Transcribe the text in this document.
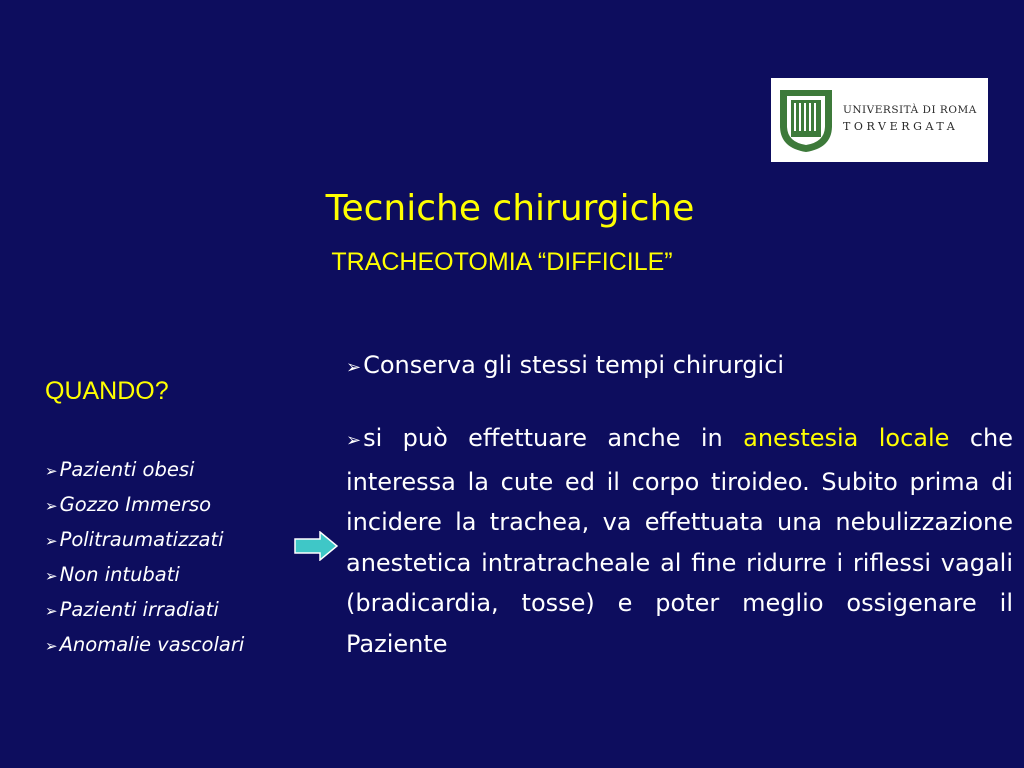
UNIVERSITÀ DI ROMA
TORVERGATA
Tecniche chirurgiche
TRACHEOTOMIA “DIFFICILE”
QUANDO?
➢ Pazienti obesi
➢ Gozzo Immerso
➢ Politraumatizzati
➢ Non intubati
➢ Pazienti irradiati
➢ Anomalie vascolari

➢Conserva gli stessi tempi chirurgici

➢si può effettuare anche in anestesia locale che interessa la cute ed il corpo tiroideo. Subito prima di incidere la trachea, va effettuata una nebulizzazione anestetica intratracheale al fine ridurre i riflessi vagali (bradicardia, tosse) e poter meglio ossigenare il Paziente
